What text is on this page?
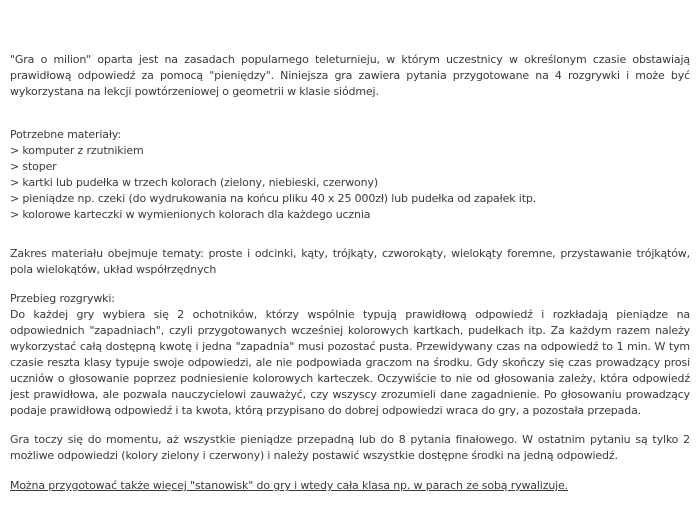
"Gra o milion" oparta jest na zasadach popularnego teleturnieju, w którym uczestnicy w określonym czasie obstawiają prawidłową odpowiedź za pomocą "pieniędzy". Niniejsza gra zawiera pytania przygotowane na 4 rozgrywki i może być wykorzystana na lekcji powtórzeniowej o geometrii w klasie siódmej.

Potrzebne materiały:
> komputer z rzutnikiem
> stoper
> kartki lub pudełka w trzech kolorach (zielony, niebieski, czerwony)
> pieniądze np. czeki (do wydrukowania na końcu pliku 40 x 25 000zł) lub pudełka od zapałek itp.
> kolorowe karteczki w wymienionych kolorach dla każdego ucznia

Zakres materiału obejmuje tematy: proste i odcinki, kąty, trójkąty, czworokąty, wielokąty foremne, przystawanie trójkątów, pola wielokątów, układ współrzędnych

Przebieg rozgrywki:

Do każdej gry wybiera się 2 ochotników, którzy wspólnie typują prawidłową odpowiedź i rozkładają pieniądze na odpowiednich "zapadniach", czyli przygotowanych wcześniej kolorowych kartkach, pudełkach itp. Za każdym razem należy wykorzystać całą dostępną kwotę i jedna "zapadnia" musi pozostać pusta. Przewidywany czas na odpowiedź to 1 min. W tym czasie reszta klasy typuje swoje odpowiedzi, ale nie podpowiada graczom na środku. Gdy skończy się czas prowadzący prosi uczniów o głosowanie poprzez podniesienie kolorowych karteczek. Oczywiście to nie od głosowania zależy, która odpowiedź jest prawidłowa, ale pozwala nauczycielowi zauważyć, czy wszyscy zrozumieli dane zagadnienie. Po głosowaniu prowadzący podaje prawidłową odpowiedź i ta kwota, którą przypisano do dobrej odpowiedzi wraca do gry, a pozostała przepada.

Gra toczy się do momentu, aż wszystkie pieniądze przepadną lub do 8 pytania finałowego. W ostatnim pytaniu są tylko 2 możliwe odpowiedzi (kolory zielony i czerwony) i należy postawić wszystkie dostępne środki na jedną odpowiedź.

Można przygotować także więcej "stanowisk" do gry i wtedy cała klasa np. w parach ze sobą rywalizuje.
